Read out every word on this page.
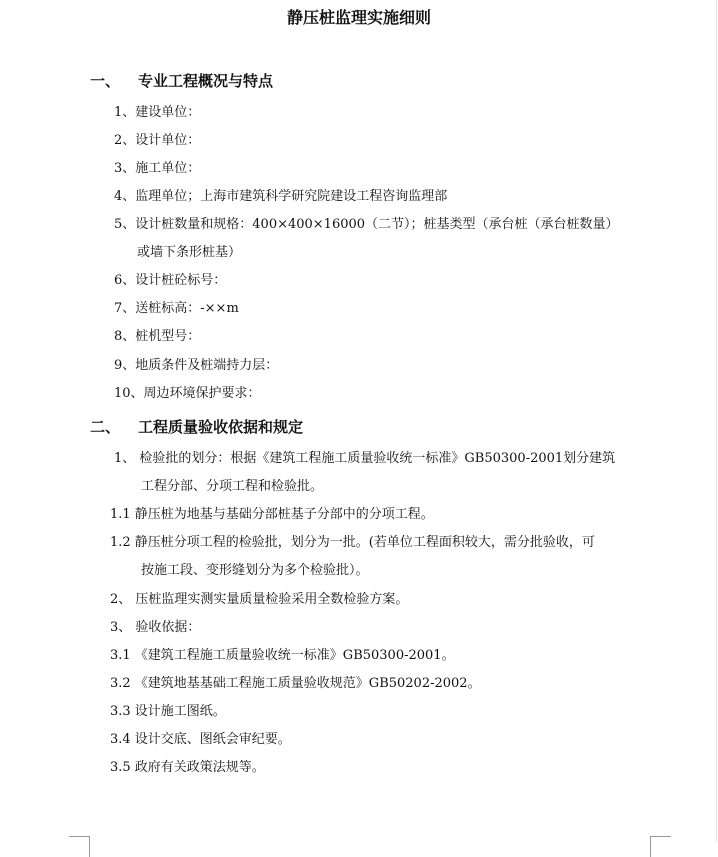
静压桩监理实施细则
一、 专业工程概况与特点
1、建设单位：
2、设计单位：
3、施工单位：
4、监理单位；上海市建筑科学研究院建设工程咨询监理部
5、设计桩数量和规格：400×400×16000（二节）；桩基类型（承台桩（承台桩数量）
或墙下条形桩基）
6、设计桩砼标号：
7、送桩标高：-××m
8、桩机型号：
9、地质条件及桩端持力层：
10、周边环境保护要求：
二、 工程质量验收依据和规定
1、 检验批的划分：根据《建筑工程施工质量验收统一标准》GB50300-2001划分建筑
工程分部、分项工程和检验批。
1.1 静压桩为地基与基础分部桩基子分部中的分项工程。
1.2 静压桩分项工程的检验批，划分为一批。(若单位工程面积较大，需分批验收，可
按施工段、变形缝划分为多个检验批）。
2、 压桩监理实测实量质量检验采用全数检验方案。
3、 验收依据：
3.1 《建筑工程施工质量验收统一标准》GB50300-2001。
3.2 《建筑地基基础工程施工质量验收规范》GB50202-2002。
3.3 设计施工图纸。
3.4 设计交底、图纸会审纪要。
3.5 政府有关政策法规等。
